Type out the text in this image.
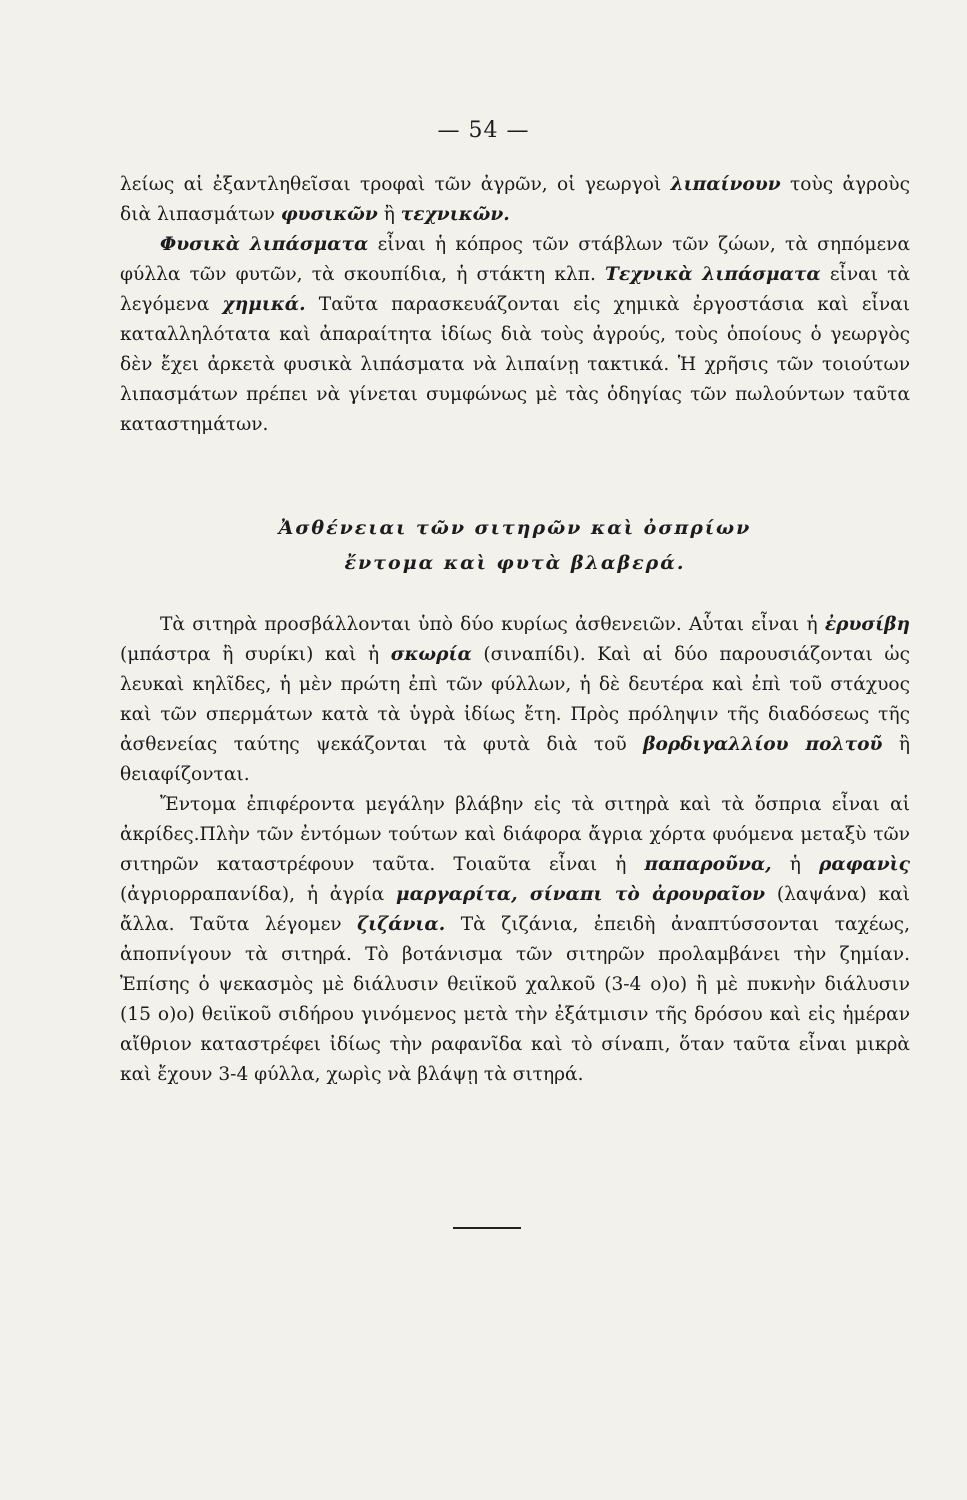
— 54 —

λείως αἱ ἐξαντληθεῖσαι τροφαὶ τῶν ἀγρῶν, οἱ γεωργοὶ λιπαίνουν τοὺς ἀγροὺς διὰ λιπασμάτων φυσικῶν ἢ τεχνικῶν.

Φυσικὰ λιπάσματα εἶναι ἡ κόπρος τῶν στάβλων τῶν ζώων, τὰ σηπόμενα φύλλα τῶν φυτῶν, τὰ σκουπίδια, ἡ στάκτη κλπ. Τεχνικὰ λιπάσματα εἶναι τὰ λεγόμενα χημικά. Ταῦτα παρασκευάζονται εἰς χημικὰ ἐργοστάσια καὶ εἶναι καταλληλότατα καὶ ἀπαραίτητα ἰδίως διὰ τοὺς ἀγρούς, τοὺς ὁποίους ὁ γεωργὸς δὲν ἔχει ἀρκετὰ φυσικὰ λιπάσματα νὰ λιπαίνῃ τακτικά. Ἡ χρῆσις τῶν τοιούτων λιπασμάτων πρέπει νὰ γίνεται συμφώνως μὲ τὰς ὁδηγίας τῶν πωλούντων ταῦτα καταστημάτων.

Ἀσθένειαι τῶν σιτηρῶν καὶ ὀσπρίων
ἔντομα καὶ φυτὰ βλαβερά.

Τὰ σιτηρὰ προσβάλλονται ὑπὸ δύο κυρίως ἀσθενειῶν. Αὗται εἶναι ἡ ἐρυσίβη (μπάστρα ἢ συρίκι) καὶ ἡ σκωρία (σιναπίδι). Καὶ αἱ δύο παρουσιάζονται ὡς λευκαὶ κηλῖδες, ἡ μὲν πρώτη ἐπὶ τῶν φύλλων, ἡ δὲ δευτέρα καὶ ἐπὶ τοῦ στάχυος καὶ τῶν σπερμάτων κατὰ τὰ ὑγρὰ ἰδίως ἔτη. Πρὸς πρόληψιν τῆς διαδόσεως τῆς ἀσθενείας ταύτης ψεκάζονται τὰ φυτὰ διὰ τοῦ βορδιγαλλίου πολτοῦ ἢ θειαφίζονται.

Ἔντομα ἐπιφέροντα μεγάλην βλάβην εἰς τὰ σιτηρὰ καὶ τὰ ὄσπρια εἶναι αἱ ἀκρίδες.Πλὴν τῶν ἐντόμων τούτων καὶ διάφορα ἄγρια χόρτα φυόμενα μεταξὺ τῶν σιτηρῶν καταστρέφουν ταῦτα. Τοιαῦτα εἶναι ἡ παπαροῦνα, ἡ ραφανὶς (ἀγριορραπανίδα), ἡ ἀγρία μαργαρίτα, σίναπι τὸ ἀρουραῖον (λαψάνα) καὶ ἄλλα. Ταῦτα λέγομεν ζιζάνια. Τὰ ζιζάνια, ἐπειδὴ ἀναπτύσσονται ταχέως, ἀποπνίγουν τὰ σιτηρά. Τὸ βοτάνισμα τῶν σιτηρῶν προλαμβάνει τὴν ζημίαν. Ἐπίσης ὁ ψεκασμὸς μὲ διάλυσιν θειϊκοῦ χαλκοῦ (3-4 ο)ο) ἢ μὲ πυκνὴν διάλυσιν (15 ο)ο) θειϊκοῦ σιδήρου γινόμενος μετὰ τὴν ἐξάτμισιν τῆς δρόσου καὶ εἰς ἡμέραν αἴθριον καταστρέφει ἰδίως τὴν ραφανῖδα καὶ τὸ σίναπι, ὅταν ταῦτα εἶναι μικρὰ καὶ ἔχουν 3-4 φύλλα, χωρὶς νὰ βλάψῃ τὰ σιτηρά.
